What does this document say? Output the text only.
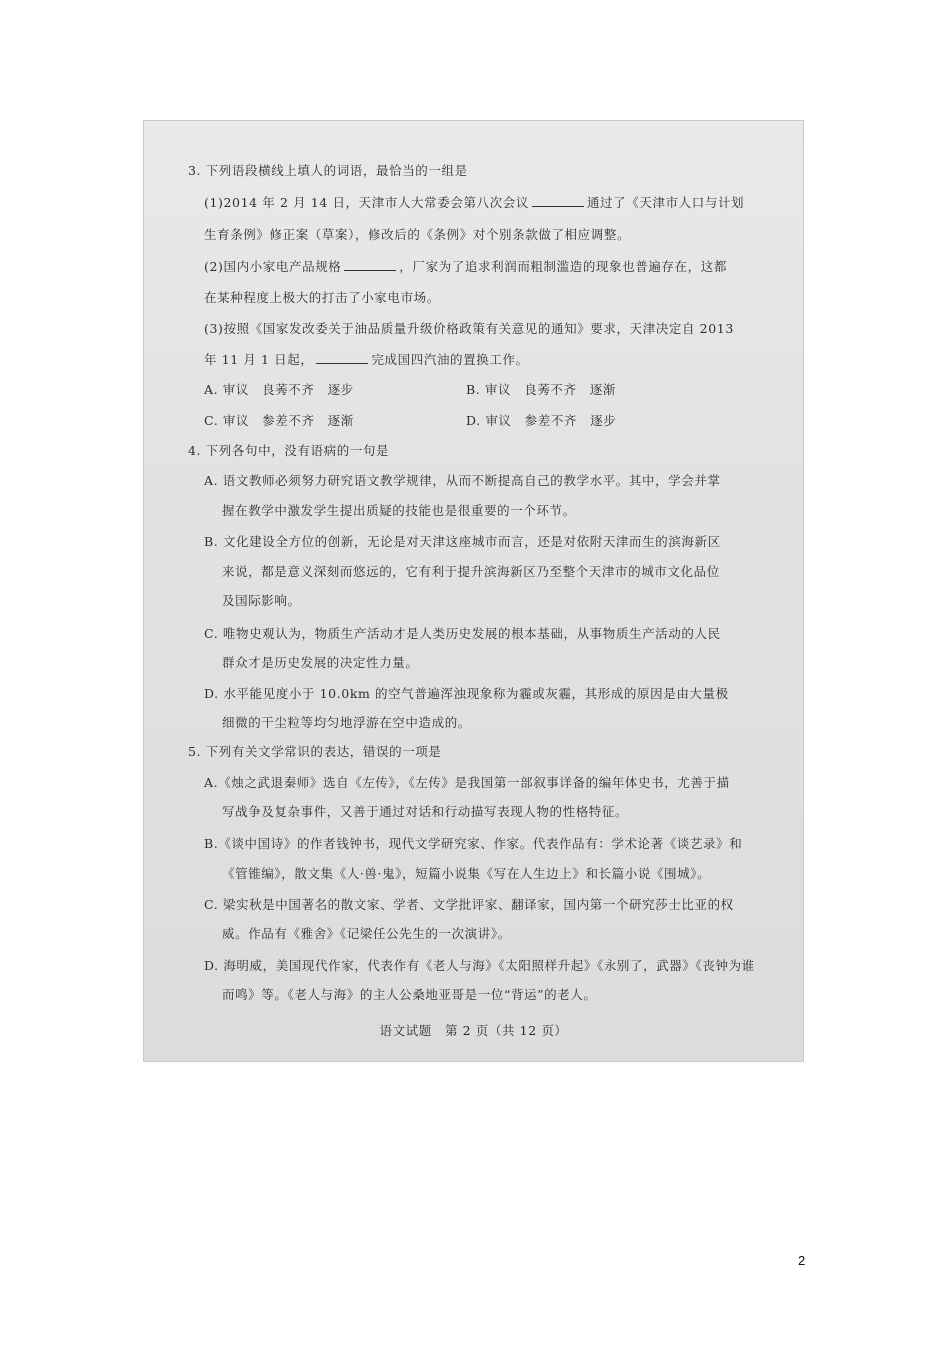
3. 下列语段横线上填人的词语，最恰当的一组是
(1)2014 年 2 月 14 日，天津市人大常委会第八次会议	通过了《天津市人口与计划
生育条例》修正案（草案），修改后的《条例》对个别条款做了相应调整。
(2)国内小家电产品规格	，厂家为了追求利润而粗制滥造的现象也普遍存在，这都
在某种程度上极大的打击了小家电市场。
(3)按照《国家发改委关于油品质量升级价格政策有关意见的通知》要求，天津决定自 2013
年 11 月 1 日起，	完成国四汽油的置换工作。
A. 审议　良莠不齐　逐步	B. 审议　良莠不齐　逐渐
C. 审议　参差不齐　逐渐	D. 审议　参差不齐　逐步
4. 下列各句中，没有语病的一句是
A. 语文教师必须努力研究语文教学规律，从而不断提高自己的教学水平。其中，学会并掌
握在教学中激发学生提出质疑的技能也是很重要的一个环节。
B. 文化建设全方位的创新，无论是对天津这座城市而言，还是对依附天津而生的滨海新区
来说，都是意义深刻而悠远的，它有利于提升滨海新区乃至整个天津市的城市文化品位
及国际影响。
C. 唯物史观认为，物质生产活动才是人类历史发展的根本基础，从事物质生产活动的人民
群众才是历史发展的决定性力量。
D. 水平能见度小于 10.0km 的空气普遍浑浊现象称为霾或灰霾，其形成的原因是由大量极
细微的干尘粒等均匀地浮游在空中造成的。
5. 下列有关文学常识的表达，错误的一项是
A.《烛之武退秦师》选自《左传》，《左传》是我国第一部叙事详备的编年体史书，尤善于描
写战争及复杂事件，又善于通过对话和行动描写表现人物的性格特征。
B.《谈中国诗》的作者钱钟书，现代文学研究家、作家。代表作品有：学术论著《谈艺录》和
《管锥编》，散文集《人·兽·鬼》，短篇小说集《写在人生边上》和长篇小说《围城》。
C. 梁实秋是中国著名的散文家、学者、文学批评家、翻译家，国内第一个研究莎士比亚的权
威。作品有《雅舍》《记梁任公先生的一次演讲》。
D. 海明威，美国现代作家，代表作有《老人与海》《太阳照样升起》《永别了，武器》《丧钟为谁
而鸣》等。《老人与海》的主人公桑地亚哥是一位“背运”的老人。
语文试题　第 2 页（共 12 页）
2
